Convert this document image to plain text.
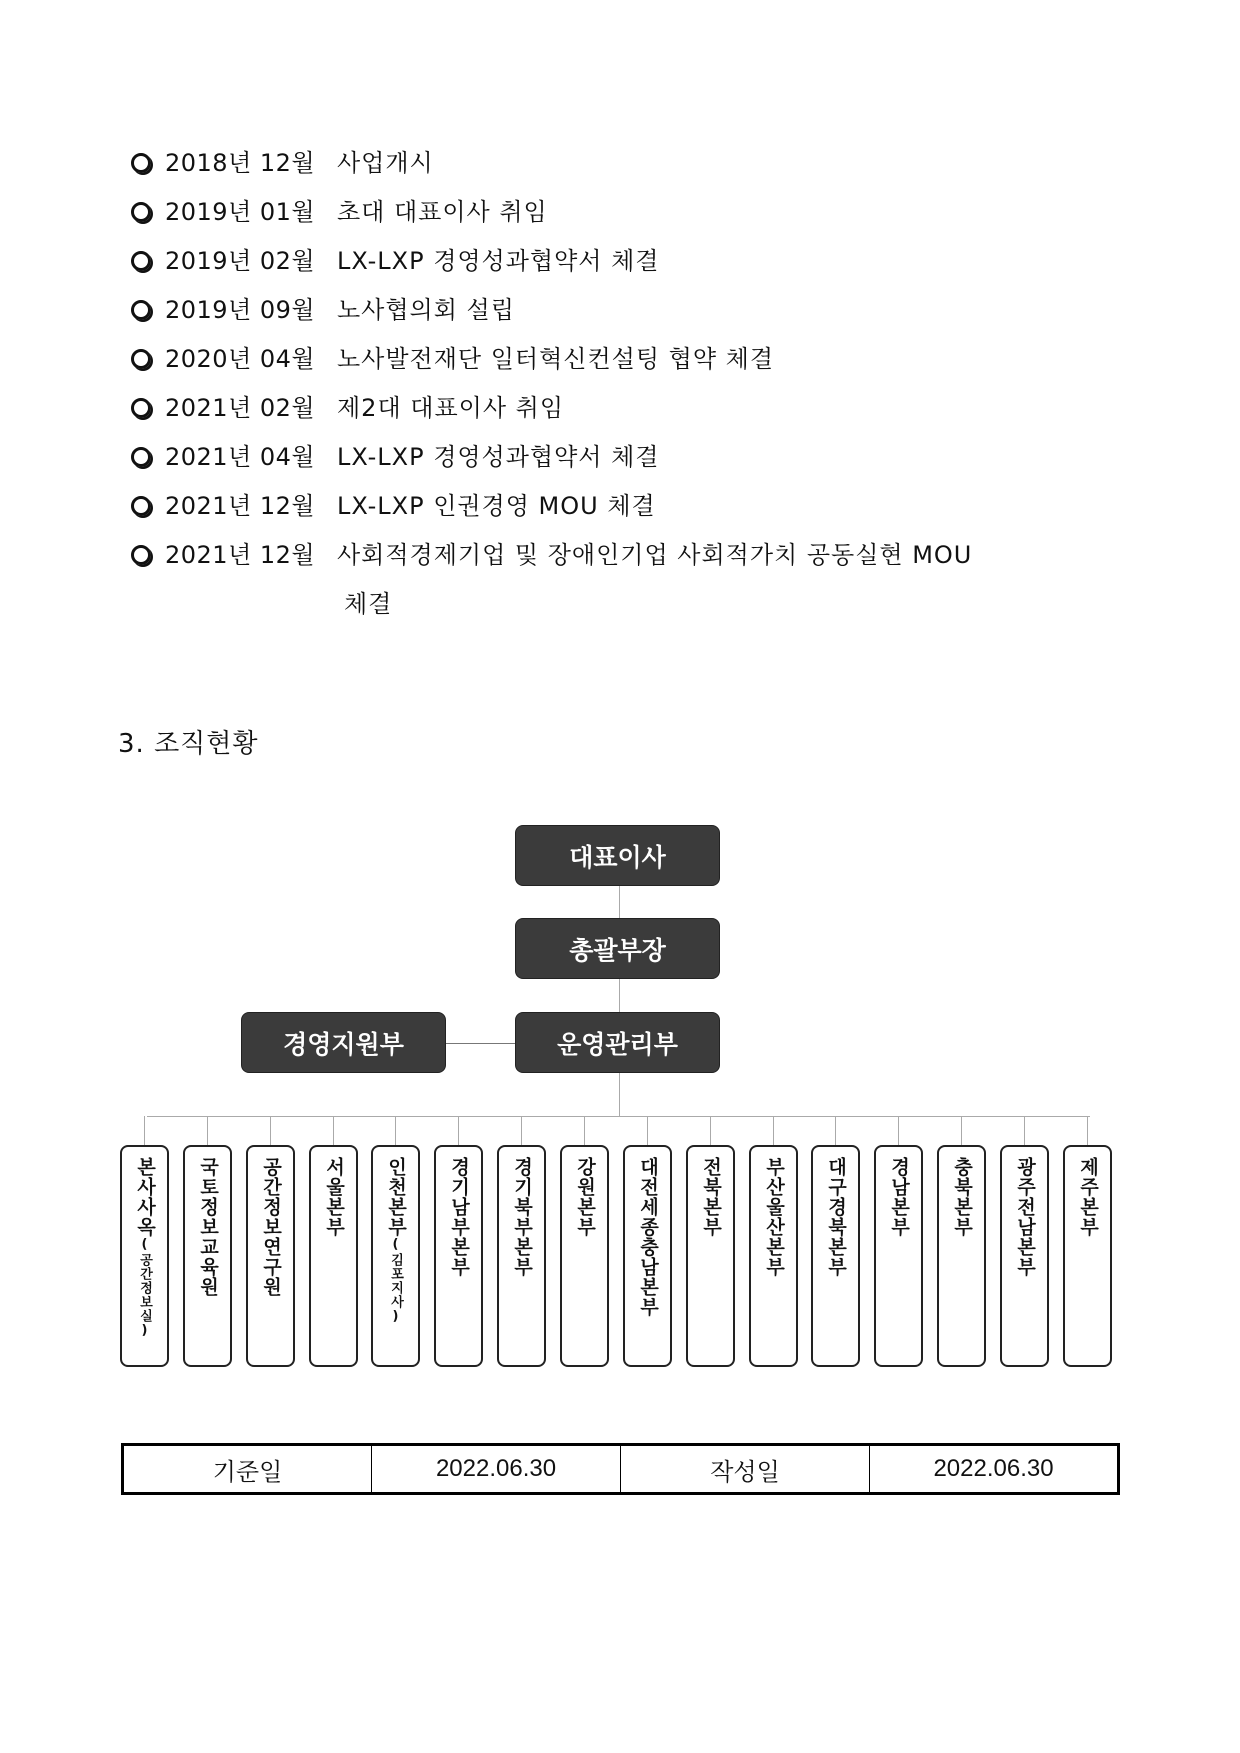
2018년 12월 사업개시
2019년 01월 초대 대표이사 취임
2019년 02월 LX-LXP 경영성과협약서 체결
2019년 09월 노사협의회 설립
2020년 04월 노사발전재단 일터혁신컨설팅 협약 체결
2021년 02월 제2대 대표이사 취임
2021년 04월 LX-LXP 경영성과협약서 체결
2021년 12월 LX-LXP 인권경영 MOU 체결
2021년 12월 사회적경제기업 및 장애인기업 사회적가치 공동실현 MOU
체결
3. 조직현황
대표이사
총괄부장
경영지원부	운영관리부
본사사옥
(공간정보실) 국토정보교육원 공간정보연구원 서울본부 인천본부
(김포지사)
경기남부본부 경기북부본부 강원본부 대전세종충남본부 전북본부 부산울산본부 대구경북본부 경남본부 충북본부 광주전남본부 제주본부
기준일	2022.06.30	작성일	2022.06.30
